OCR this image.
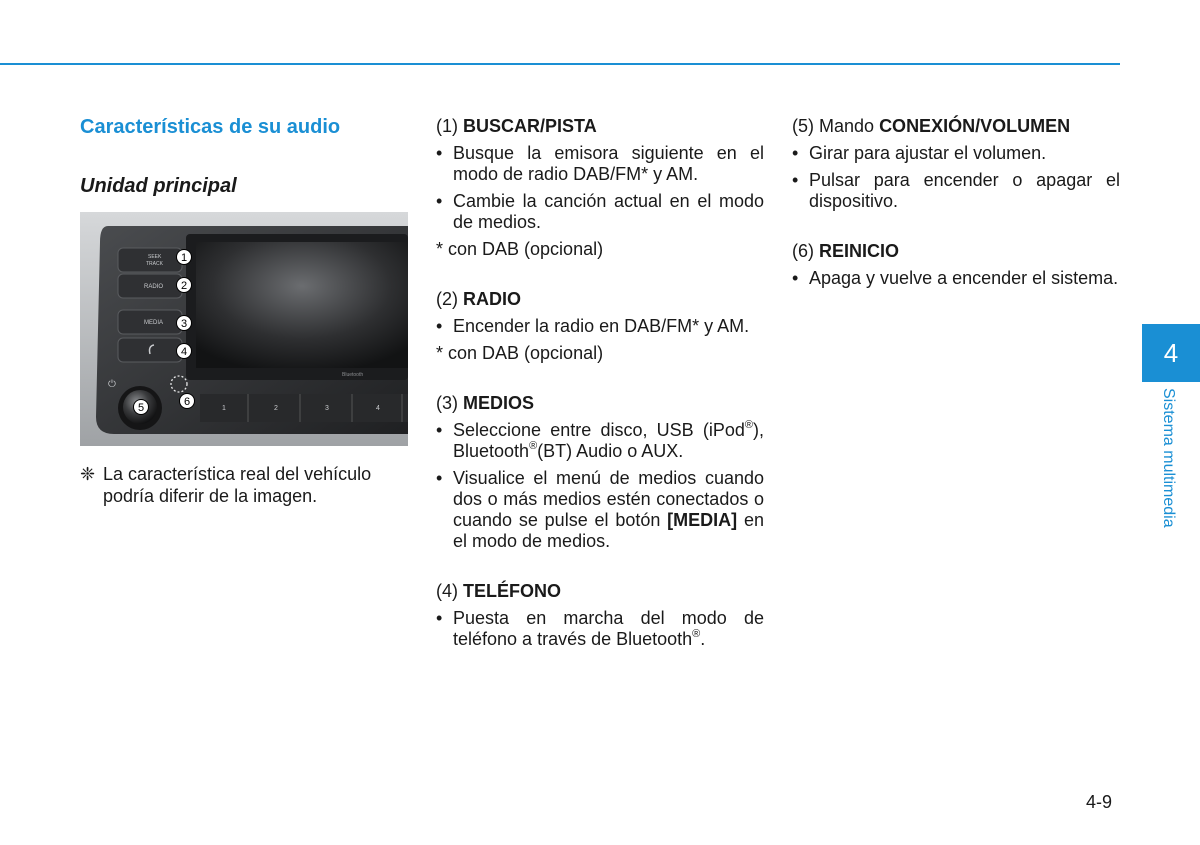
Características de su audio
Unidad principal
Bluetooth
SEEK
TRACK
RADIO
MEDIA
⏻
1	2	3	4
1
2
3
4
5	6
❈ La característica real del vehículo podría diferir de la imagen.

(1) BUSCAR/PISTA

• Busque la emisora siguiente en el modo de radio DAB/FM* y AM.

• Cambie la canción actual en el modo de medios.

* con DAB (opcional)

(2) RADIO

• Encender la radio en DAB/FM* y AM.

* con DAB (opcional)

(3) MEDIOS

• Seleccione entre disco, USB (iPod®), Bluetooth®(BT) Audio o AUX.

• Visualice el menú de medios cuando dos o más medios estén conectados o cuando se pulse el botón [MEDIA] en el modo de medios.

(4) TELÉFONO

• Puesta en marcha del modo de teléfono a través de Bluetooth®.

(5) Mando CONEXIÓN/VOLUMEN

• Girar para ajustar el volumen.

• Pulsar para encender o apagar el dispositivo.

(6) REINICIO

• Apaga y vuelve a encender el sistema.

4
Sistema multimedia
4-9
